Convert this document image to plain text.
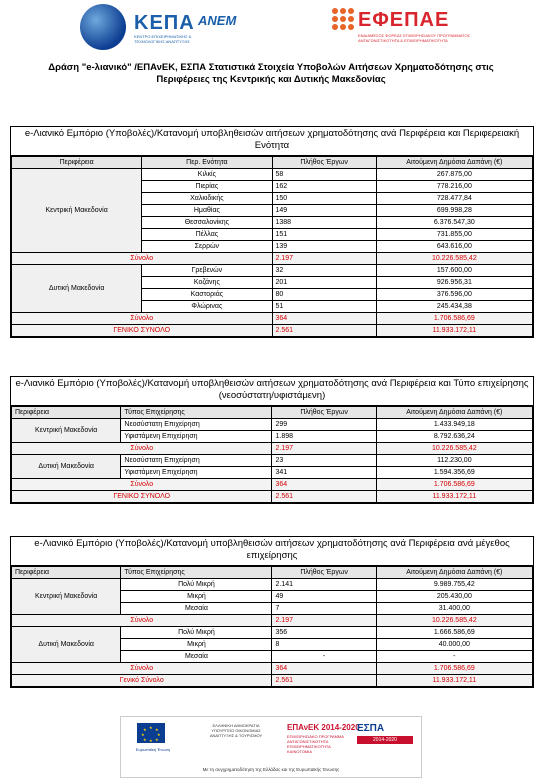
ΚΕΠΑ
ΚΕΝΤΡΟ ΕΠΙΧΕΙΡΗΜΑΤΙΚΗΣ & ΤΕΧΝΟΛΟΓΙΚΗΣ ΑΝΑΠΤΥΞΗΣ
ΑΝΕΜ	ΕΦΕΠΑΕ
ΕΝΔΙΑΜΕΣΟΣ ΦΟΡΕΑΣ ΕΠΙΧΕΙΡΗΣΙΑΚΟΥ ΠΡΟΓΡΑΜΜΑΤΟΣ ΑΝΤΑΓΩΝΙΣΤΙΚΟΤΗΤΑ & ΕΠΙΧΕΙΡΗΜΑΤΙΚΟΤΗΤΑ
Δράση "e-λιανικό" /ΕΠΑνΕΚ, ΕΣΠΑ Στατιστικά Στοιχεία Υποβολών Αιτήσεων Χρηματοδότησης στις
Περιφέρειες της Κεντρικής και Δυτικής Μακεδονίας
e-Λιανικό Εμπόριο (Υποβολές)/Κατανομή υποβληθεισών αιτήσεων χρηματοδότησης ανά Περιφέρεια και Περιφερειακή Ενότητα
Περιφέρεια	Περ. Ενότητα	Πλήθος Έργων	Αιτούμενη Δημόσια Δαπάνη (€)
Κεντρική Μακεδονία	Κιλκίς	58	267.875,00
	Πιερίας	162	778.216,00
	Χαλκιδικής	150	728.477,84
	Ημαθίας	149	699.998,28
	Θεσσαλονίκης	1388	6.376.547,30
	Πέλλας	151	731.855,00
	Σερρών	139	643.616,00
Σύνολο		2.197	10.226.585,42
Δυτική Μακεδονία	Γρεβενών	32	157.600,00
	Κοζάνης	201	926.956,31
	Καστοριάς	80	376.596,00
	Φλώρινας	51	245.434,38
Σύνολο		364	1.706.586,69
ΓΕΝΙΚΟ ΣΥΝΟΛΟ		2.561	11.933.172,11
e-Λιανικό Εμπόριο (Υποβολές)/Κατανομή υποβληθεισών αιτήσεων χρηματοδότησης ανά Περιφέρεια και Τύπο επιχείρησης (νεοσύστατη/υφιστάμενη)
Περιφέρεια	Τύπος Επιχείρησης	Πλήθος Έργων	Αιτούμενη Δημόσια Δαπάνη (€)
Κεντρική Μακεδονία	Νεοσύστατη Επιχείρηση	299	1.433.949,18
	Υφιστάμενη Επιχείρηση	1.898	8.792.636,24
Σύνολο		2.197	10.226.585,42
Δυτική Μακεδονία	Νεοσύστατη Επιχείρηση	23	112.230,00
	Υφιστάμενη Επιχείρηση	341	1.594.356,69
Σύνολο		364	1.706.586,69
ΓΕΝΙΚΟ ΣΥΝΟΛΟ		2.561	11.933.172,11
e-Λιανικό Εμπόριο (Υποβολές)/Κατανομή υποβληθεισών αιτήσεων χρηματοδότησης ανά Περιφέρεια ανά μέγεθος επιχείρησης
Περιφέρεια	Τύπος Επιχείρησης	Πλήθος Έργων	Αιτούμενη Δημόσια Δαπάνη (€)
Κεντρική Μακεδονία	Πολύ Μικρή	2.141	9.989.755,42
	Μικρή	49	205.430,00
	Μεσαία	7	31.400,00
Σύνολο		2.197	10.226.585,42
Δυτική Μακεδονία	Πολύ Μικρή	356	1.666.586,69
	Μικρή	8	40.000,00
	Μεσαία	-	-
Σύνολο		364	1.706.586,69
Γενικό Σύνολο		2.561	11.933.172,11
★ ★
★
★
★
★
★
★
Ευρωπαϊκή Ένωση
ΕΛΛΗΝΙΚΗ ΔΗΜΟΚΡΑΤΙΑ ΥΠΟΥΡΓΕΙΟ ΟΙΚΟΝΟΜΙΑΣ ΑΝΑΠΤΥΞΗΣ & ΤΟΥΡΙΣΜΟΥ
ΕΠΑνΕΚ 2014-2020
ΕΠΙΧΕΙΡΗΣΙΑΚΟ ΠΡΟΓΡΑΜΜΑ ΑΝΤΑΓΩΝΙΣΤΙΚΟΤΗΤΑ ΕΠΙΧΕΙΡΗΜΑΤΙΚΟΤΗΤΑ ΚΑΙΝΟΤΟΜΙΑ
ΕΣΠΑ
2014-2020
Με τη συγχρηματοδότηση της Ελλάδας και της Ευρωπαϊκής Ένωσης
